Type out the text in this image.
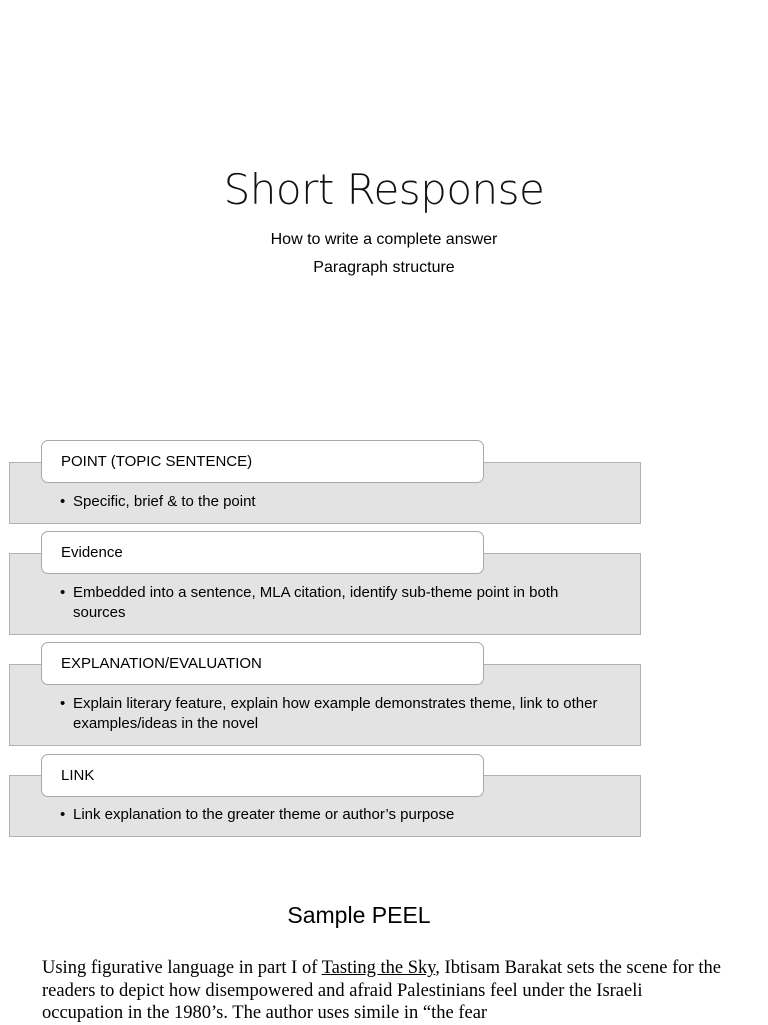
Short Response
How to write a complete answer
Paragraph structure
POINT (TOPIC SENTENCE)
• Specific, brief & to the point
Evidence
• Embedded into a sentence, MLA citation, identify sub-theme point in both sources
EXPLANATION/EVALUATION
• Explain literary feature, explain how example demonstrates theme, link to other examples/ideas in the novel
LINK
• Link explanation to the greater theme or author’s purpose
Sample PEEL
Using figurative language in part I of Tasting the Sky, Ibtisam Barakat sets the scene for the readers to depict how disempowered and afraid Palestinians feel under the Israeli occupation in the 1980’s. The author uses simile in “the fear
